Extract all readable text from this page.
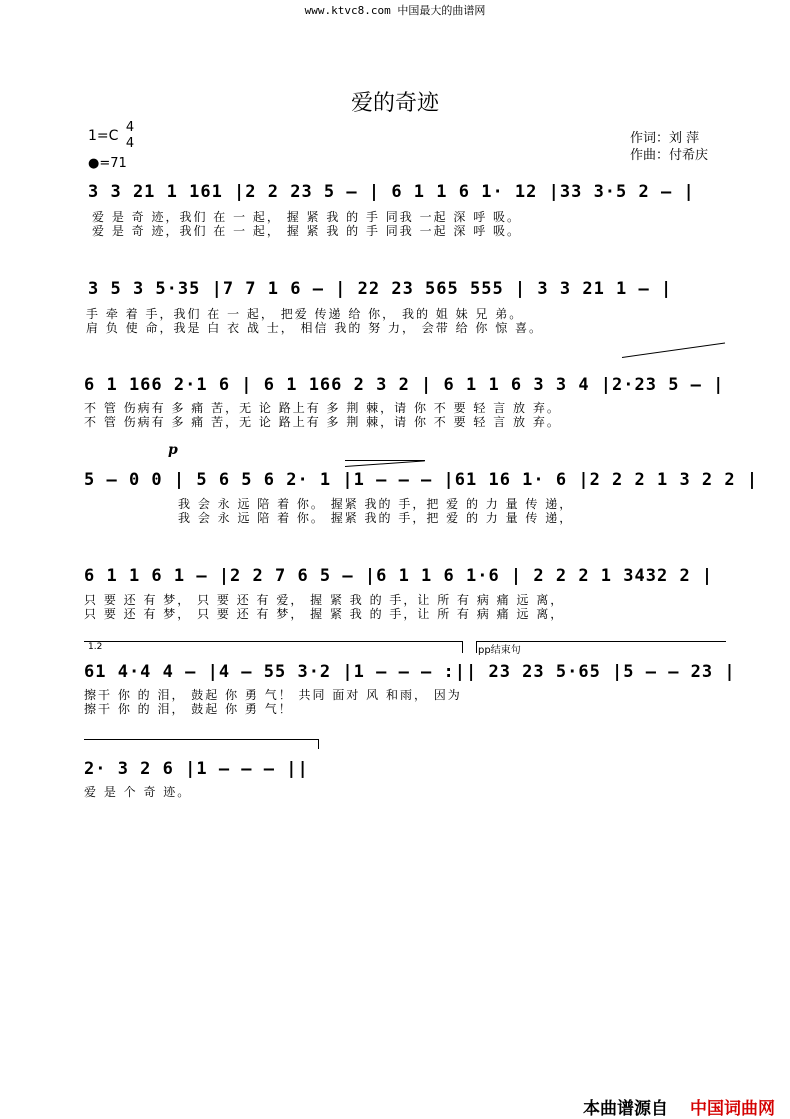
www.ktvc8.com 中国最大的曲谱网
爱的奇迹
1=C
4
4
●=71
作词：刘 萍
作曲：付希庆
3 3 21 1 161 |2 2 23 5 – | 6 1 1 6 1· 12 |33 3·5 2 – |
爱 是 奇 迹，我们 在 一 起， 握 紧 我 的 手 同我 一起 深 呼 吸。
爱 是 奇 迹，我们 在 一 起， 握 紧 我 的 手 同我 一起 深 呼 吸。
3 5 3 5·35 |7 7 1 6 – | 22 23 565 555 | 3 3 21 1 – |
手 牵 着 手，我们 在 一 起， 把爱 传递 给 你， 我的 姐 妹 兄 弟。
肩 负 使 命，我是 白 衣 战 士， 相信 我的 努 力， 会带 给 你 惊 喜。
6 1 166 2·1 6 | 6 1 166 2 3 2 | 6 1 1 6 3 3 4 |2·23 5 – |
不 管 伤病有 多 痛 苦，无 论 路上有 多 荆 棘，请 你 不 要 轻 言 放 弃。
不 管 伤病有 多 痛 苦，无 论 路上有 多 荆 棘，请 你 不 要 轻 言 放 弃。
p
5 – 0 0 | 5 6 5 6 2· 1 |1 – – – |61 16 1· 6 |2 2 2 1 3 2 2 |
我 会 永 远 陪 着 你。 握紧 我的 手，把 爱 的 力 量 传 递，
我 会 永 远 陪 着 你。 握紧 我的 手，把 爱 的 力 量 传 递，
6 1 1 6 1 – |2 2 7 6 5 – |6 1 1 6 1·6 | 2 2 2 1 3432 2 |
只 要 还 有 梦， 只 要 还 有 爱， 握 紧 我 的 手，让 所 有 病 痛 远 离，
只 要 还 有 梦， 只 要 还 有 梦， 握 紧 我 的 手，让 所 有 病 痛 远 离，
1.2	pp结束句
61 4·4 4 – |4 – 55 3·2 |1 – – – :|| 23 23 5·65 |5 – – 23 |
擦干 你 的 泪， 鼓起 你 勇 气！ 共同 面对 风 和雨， 因为
擦干 你 的 泪， 鼓起 你 勇 气！
2· 3 2 6 |1 – – – ||
爱 是 个 奇 迹。
本曲谱源自 中国词曲网
